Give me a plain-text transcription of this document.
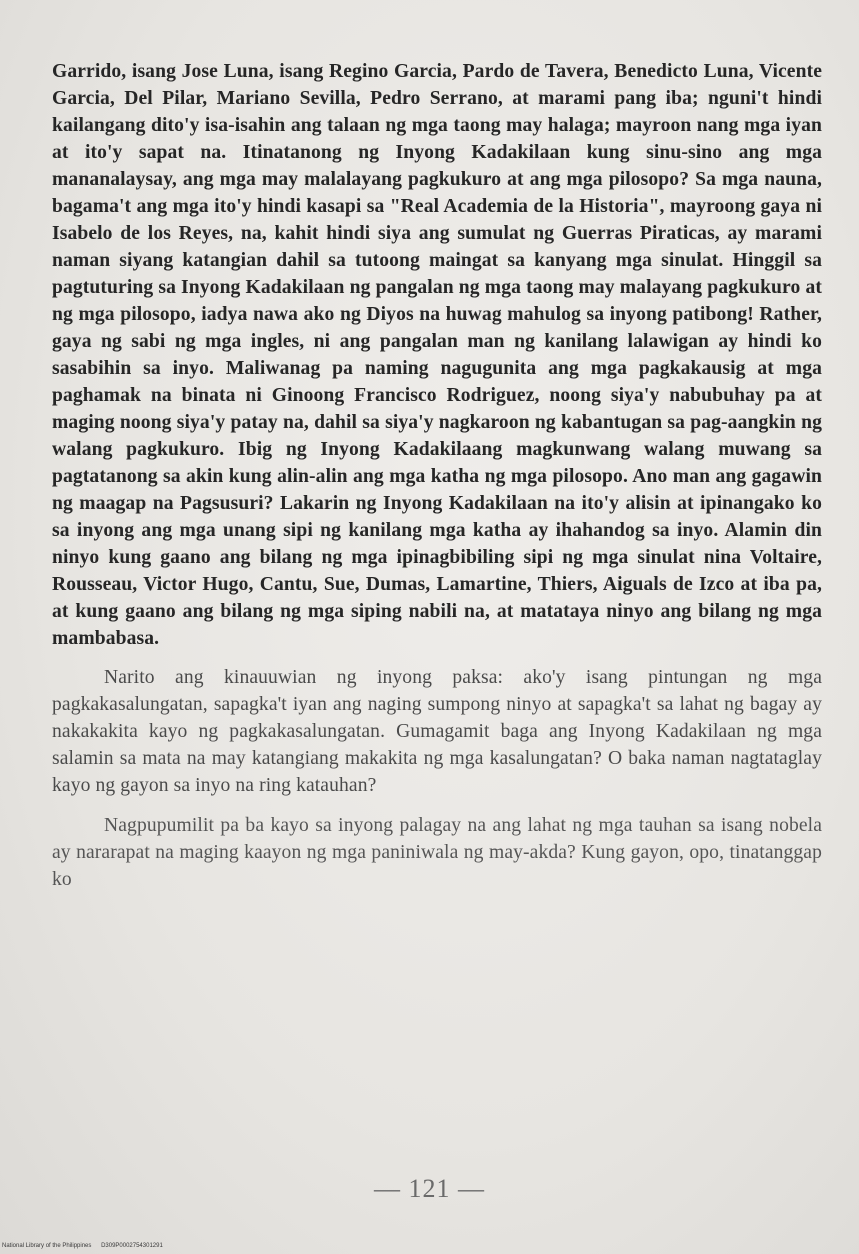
Garrido, isang Jose Luna, isang Regino Garcia, Pardo de Tavera, Benedicto Luna, Vicente Garcia, Del Pilar, Mariano Sevilla, Pedro Serrano, at marami pang iba; nguni't hindi kailangang dito'y isa-isahin ang talaan ng mga taong may halaga; mayroon nang mga iyan at ito'y sapat na. Itinatanong ng Inyong Kadakilaan kung sinu-sino ang mga mananalaysay, ang mga may malalayang pagkukuro at ang mga pilosopo? Sa mga nauna, bagama't ang mga ito'y hindi kasapi sa "Real Academia de la Historia", mayroong gaya ni Isabelo de los Reyes, na, kahit hindi siya ang sumulat ng Guerras Piraticas, ay marami naman siyang katangian dahil sa tutoong maingat sa kanyang mga sinulat. Hinggil sa pagtuturing sa Inyong Kadakilaan ng pangalan ng mga taong may malayang pagkukuro at ng mga pilosopo, iadya nawa ako ng Diyos na huwag mahulog sa inyong patibong! Rather, gaya ng sabi ng mga ingles, ni ang pangalan man ng kanilang lalawigan ay hindi ko sasabihin sa inyo. Maliwanag pa naming nagugunita ang mga pagkakausig at mga paghamak na binata ni Ginoong Francisco Rodriguez, noong siya'y nabubuhay pa at maging noong siya'y patay na, dahil sa siya'y nagkaroon ng kabantugan sa pag-aangkin ng walang pagkukuro. Ibig ng Inyong Kadakilaang magkunwang walang muwang sa pagtatanong sa akin kung alin-alin ang mga katha ng mga pilosopo. Ano man ang gagawin ng maagap na Pagsusuri? Lakarin ng Inyong Kadakilaan na ito'y alisin at ipinangako ko sa inyong ang mga unang sipi ng kanilang mga katha ay ihahandog sa inyo. Alamin din ninyo kung gaano ang bilang ng mga ipinagbibiling sipi ng mga sinulat nina Voltaire, Rousseau, Victor Hugo, Cantu, Sue, Dumas, Lamartine, Thiers, Aiguals de Izco at iba pa, at kung gaano ang bilang ng mga siping nabili na, at matataya ninyo ang bilang ng mga mambabasa.

Narito ang kinauuwian ng inyong paksa: ako'y isang pintungan ng mga pagkakasalungatan, sapagka't iyan ang naging sumpong ninyo at sapagka't sa lahat ng bagay ay nakakakita kayo ng pagkakasalungatan. Gumagamit baga ang Inyong Kadakilaan ng mga salamin sa mata na may katangiang makakita ng mga kasalungatan? O baka naman nagtataglay kayo ng gayon sa inyo na ring katauhan?

Nagpupumilit pa ba kayo sa inyong palagay na ang lahat ng mga tauhan sa isang nobela ay nararapat na maging kaayon ng mga paniniwala ng may-akda? Kung gayon, opo, tinatanggap ko

— 121 —
National Library of the Philippines D309P0002754301291
